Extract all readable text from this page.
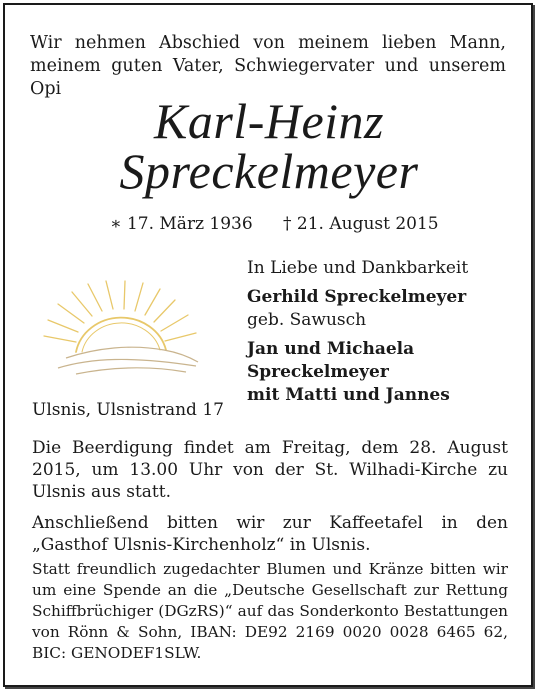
Wir nehmen Abschied von meinem lieben Mann,
meinem guten Vater, Schwiegervater und unserem Opi

Karl-Heinz
Spreckelmeyer
∗ 17. März 1936 † 21. August 2015
In Liebe und Dankbarkeit
Gerhild Spreckelmeyer
geb. Sawusch
Jan und Michaela
Spreckelmeyer
mit Matti und Jannes
Ulsnis, Ulsnistrand 17

Die Beerdigung findet am Freitag, dem 28. August 2015, um 13.00 Uhr von der St. Wilhadi-Kirche zu Ulsnis aus statt.

Anschließend bitten wir zur Kaffeetafel in den „Gasthof Ulsnis-Kirchenholz“ in Ulsnis.

Statt freundlich zugedachter Blumen und Kränze bitten wir um eine Spende an die „Deutsche Gesellschaft zur Rettung Schiffbrüchiger (DGzRS)“ auf das Sonderkonto Bestattungen von Rönn & Sohn, IBAN: DE92 2169 0020 0028 6465 62, BIC: GENODEF1SLW.
